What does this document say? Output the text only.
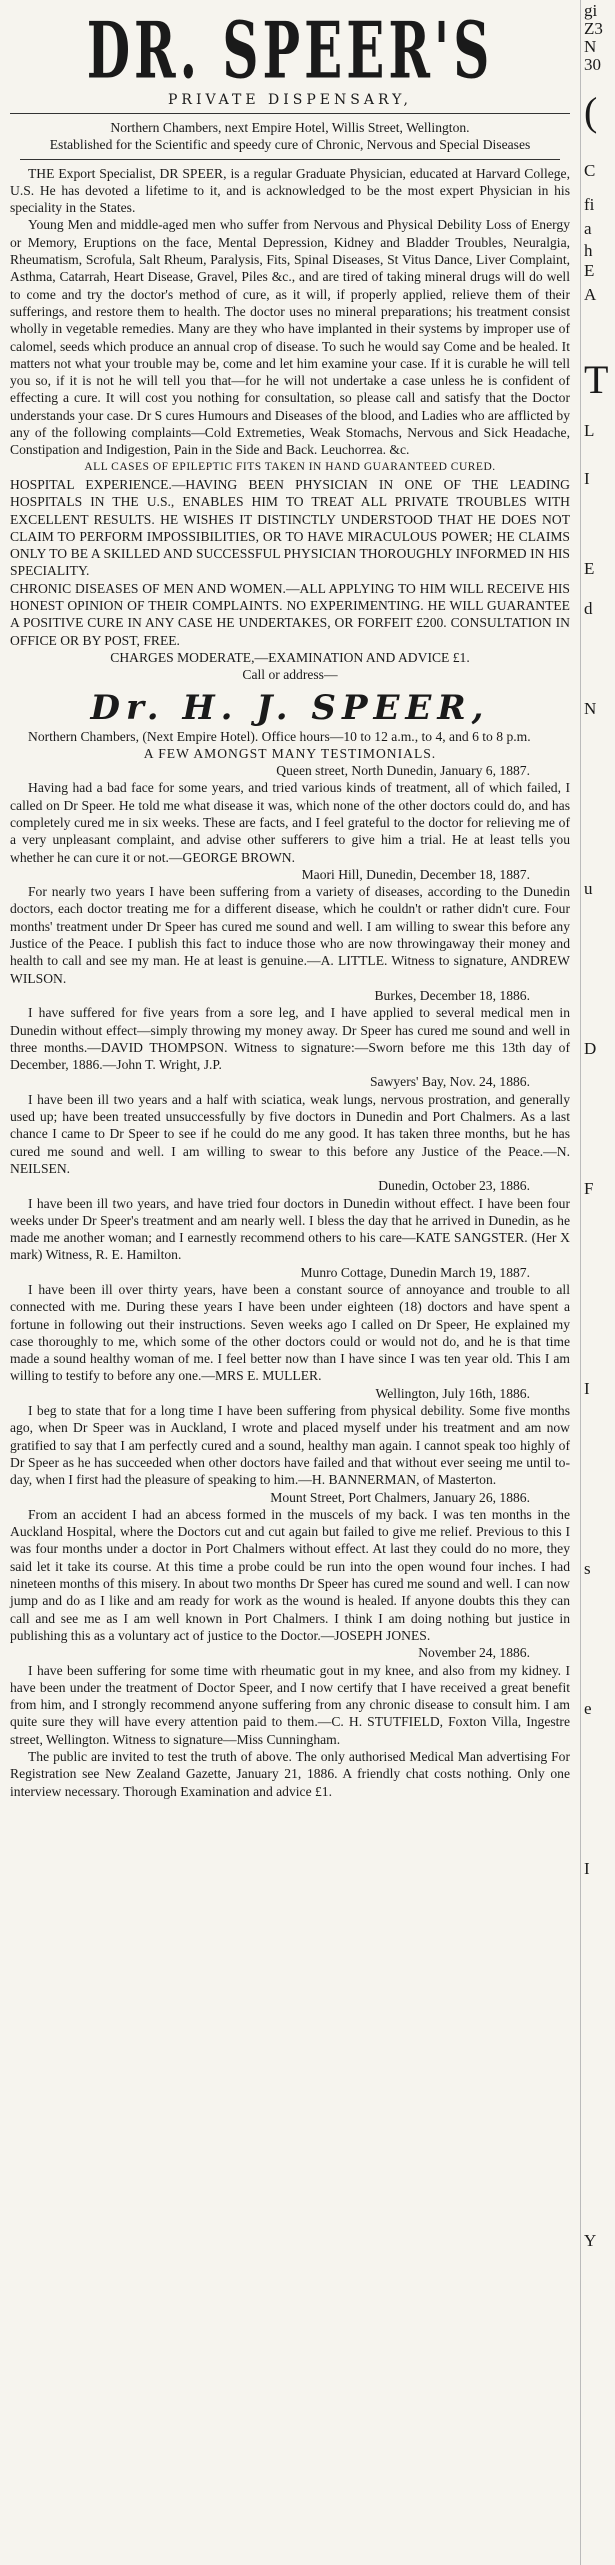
DR. SPEER'S
PRIVATE DISPENSARY,
Northern Chambers, next Empire Hotel, Willis Street, Wellington.
Established for the Scientific and speedy cure of Chronic, Nervous and Special Diseases

THE Export Specialist, DR SPEER, is a regular Graduate Physician, educated at Harvard College, U.S. He has devoted a lifetime to it, and is acknowledged to be the most expert Physician in his speciality in the States.

Young Men and middle-aged men who suffer from Nervous and Physical Debility Loss of Energy or Memory, Eruptions on the face, Mental Depression, Kidney and Bladder Troubles, Neuralgia, Rheumatism, Scrofula, Salt Rheum, Paralysis, Fits, Spinal Diseases, St Vitus Dance, Liver Complaint, Asthma, Catarrah, Heart Disease, Gravel, Piles &c., and are tired of taking mineral drugs will do well to come and try the doctor's method of cure, as it will, if properly applied, relieve them of their sufferings, and restore them to health. The doctor uses no mineral preparations; his treatment consist wholly in vegetable remedies. Many are they who have implanted in their systems by improper use of calomel, seeds which produce an annual crop of disease. To such he would say Come and be healed. It matters not what your trouble may be, come and let him examine your case. If it is curable he will tell you so, if it is not he will tell you that—for he will not undertake a case unless he is confident of effecting a cure. It will cost you nothing for consultation, so please call and satisfy that the Doctor understands your case. Dr S cures Humours and Diseases of the blood, and Ladies who are afflicted by any of the following complaints—Cold Extremeties, Weak Stomachs, Nervous and Sick Headache, Constipation and Indigestion, Pain in the Side and Back. Leuchorrea. &c.

ALL CASES OF EPILEPTIC FITS TAKEN IN HAND GUARANTEED CURED.

HOSPITAL EXPERIENCE.—HAVING BEEN PHYSICIAN IN ONE OF THE LEADING HOSPITALS IN THE U.S., ENABLES HIM TO TREAT ALL PRIVATE TROUBLES WITH EXCELLENT RESULTS. HE WISHES IT DISTINCTLY UNDERSTOOD THAT HE DOES NOT CLAIM TO PERFORM IMPOSSIBILITIES, OR TO HAVE MIRACULOUS POWER; HE CLAIMS ONLY TO BE A SKILLED AND SUCCESSFUL PHYSICIAN THOROUGHLY INFORMED IN HIS SPECIALITY.

CHRONIC DISEASES OF MEN AND WOMEN.—ALL APPLYING TO HIM WILL RECEIVE HIS HONEST OPINION OF THEIR COMPLAINTS. NO EXPERIMENTING. HE WILL GUARANTEE A POSITIVE CURE IN ANY CASE HE UNDERTAKES, OR FORFEIT £200. CONSULTATION IN OFFICE OR BY POST, FREE.

CHARGES MODERATE,—EXAMINATION AND ADVICE £1.
Call or address—
Dr. H. J. SPEER,

Northern Chambers, (Next Empire Hotel). Office hours—10 to 12 a.m., to 4, and 6 to 8 p.m.

A FEW AMONGST MANY TESTIMONIALS.
Queen street, North Dunedin, January 6, 1887.

Having had a bad face for some years, and tried various kinds of treatment, all of which failed, I called on Dr Speer. He told me what disease it was, which none of the other doctors could do, and has completely cured me in six weeks. These are facts, and I feel grateful to the doctor for relieving me of a very unpleasant complaint, and advise other sufferers to give him a trial. He at least tells you whether he can cure it or not.—GEORGE BROWN.

Maori Hill, Dunedin, December 18, 1887.

For nearly two years I have been suffering from a variety of diseases, according to the Dunedin doctors, each doctor treating me for a different disease, which he couldn't or rather didn't cure. Four months' treatment under Dr Speer has cured me sound and well. I am willing to swear this before any Justice of the Peace. I publish this fact to induce those who are now throwingaway their money and health to call and see my man. He at least is genuine.—A. LITTLE. Witness to signature, ANDREW WILSON.

Burkes, December 18, 1886.

I have suffered for five years from a sore leg, and I have applied to several medical men in Dunedin without effect—simply throwing my money away. Dr Speer has cured me sound and well in three months.—DAVID THOMPSON. Witness to signature:—Sworn before me this 13th day of December, 1886.—John T. Wright, J.P.

Sawyers' Bay, Nov. 24, 1886.

I have been ill two years and a half with sciatica, weak lungs, nervous prostration, and generally used up; have been treated unsuccessfully by five doctors in Dunedin and Port Chalmers. As a last chance I came to Dr Speer to see if he could do me any good. It has taken three months, but he has cured me sound and well. I am willing to swear to this before any Justice of the Peace.—N. NEILSEN.

Dunedin, October 23, 1886.

I have been ill two years, and have tried four doctors in Dunedin without effect. I have been four weeks under Dr Speer's treatment and am nearly well. I bless the day that he arrived in Dunedin, as he made me another woman; and I earnestly recommend others to his care—KATE SANGSTER. (Her X mark) Witness, R. E. Hamilton.

Munro Cottage, Dunedin March 19, 1887.

I have been ill over thirty years, have been a constant source of annoyance and trouble to all connected with me. During these years I have been under eighteen (18) doctors and have spent a fortune in following out their instructions. Seven weeks ago I called on Dr Speer, He explained my case thoroughly to me, which some of the other doctors could or would not do, and he is that time made a sound healthy woman of me. I feel better now than I have since I was ten year old. This I am willing to testify to before any one.—MRS E. MULLER.

Wellington, July 16th, 1886.

I beg to state that for a long time I have been suffering from physical debility. Some five months ago, when Dr Speer was in Auckland, I wrote and placed myself under his treatment and am now gratified to say that I am perfectly cured and a sound, healthy man again. I cannot speak too highly of Dr Speer as he has succeeded when other doctors have failed and that without ever seeing me until to-day, when I first had the pleasure of speaking to him.—H. BANNERMAN, of Masterton.

Mount Street, Port Chalmers, January 26, 1886.

From an accident I had an abcess formed in the muscels of my back. I was ten months in the Auckland Hospital, where the Doctors cut and cut again but failed to give me relief. Previous to this I was four months under a doctor in Port Chalmers without effect. At last they could do no more, they said let it take its course. At this time a probe could be run into the open wound four inches. I had nineteen months of this misery. In about two months Dr Speer has cured me sound and well. I can now jump and do as I like and am ready for work as the wound is healed. If anyone doubts this they can call and see me as I am well known in Port Chalmers. I think I am doing nothing but justice in publishing this as a voluntary act of justice to the Doctor.—JOSEPH JONES.

November 24, 1886.

I have been suffering for some time with rheumatic gout in my knee, and also from my kidney. I have been under the treatment of Doctor Speer, and I now certify that I have received a great benefit from him, and I strongly recommend anyone suffering from any chronic disease to consult him. I am quite sure they will have every attention paid to them.—C. H. STUTFIELD, Foxton Villa, Ingestre street, Wellington. Witness to signature—Miss Cunningham.

The public are invited to test the truth of above. The only authorised Medical Man advertising For Registration see New Zealand Gazette, January 21, 1886. A friendly chat costs nothing. Only one interview necessary. Thorough Examination and advice £1.

gi
Z3
N
30
(
C
fi
a
h
E
A
T
L
I
E
d
N
u
D
F
I
s
e
I
Y
